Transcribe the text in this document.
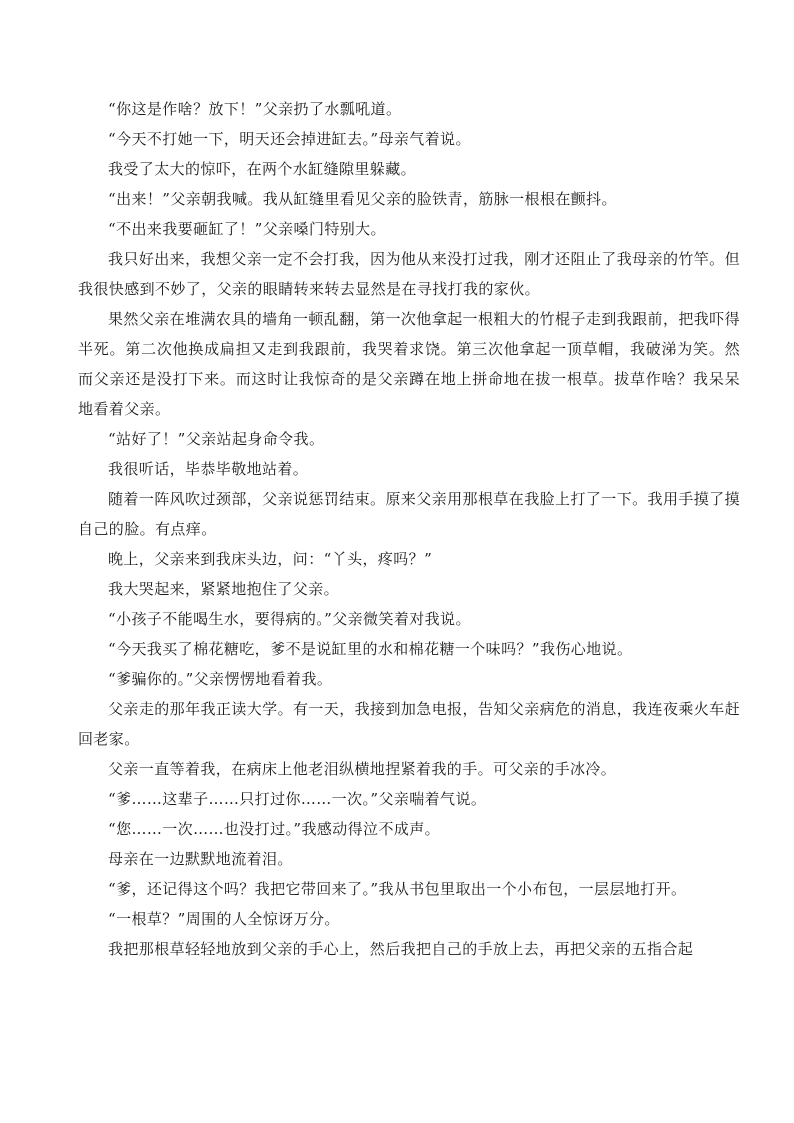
“你这是作啥？放下！”父亲扔了水瓢吼道。

“今天不打她一下，明天还会掉进缸去。”母亲气着说。

我受了太大的惊吓，在两个水缸缝隙里躲藏。

“出来！”父亲朝我喊。我从缸缝里看见父亲的脸铁青，筋脉一根根在颤抖。

“不出来我要砸缸了！”父亲嗓门特别大。

我只好出来，我想父亲一定不会打我，因为他从来没打过我，刚才还阻止了我母亲的竹竿。但我很快感到不妙了，父亲的眼睛转来转去显然是在寻找打我的家伙。

果然父亲在堆满农具的墙角一顿乱翻，第一次他拿起一根粗大的竹棍子走到我跟前，把我吓得半死。第二次他换成扁担又走到我跟前，我哭着求饶。第三次他拿起一顶草帽，我破涕为笑。然而父亲还是没打下来。而这时让我惊奇的是父亲蹲在地上拼命地在拔一根草。拔草作啥？我呆呆地看着父亲。

“站好了！”父亲站起身命令我。

我很听话，毕恭毕敬地站着。

随着一阵风吹过颈部，父亲说惩罚结束。原来父亲用那根草在我脸上打了一下。我用手摸了摸自己的脸。有点痒。

晚上，父亲来到我床头边，问：“丫头，疼吗？”

我大哭起来，紧紧地抱住了父亲。

“小孩子不能喝生水，要得病的。”父亲微笑着对我说。

“今天我买了棉花糖吃，爹不是说缸里的水和棉花糖一个味吗？”我伤心地说。

“爹骗你的。”父亲愣愣地看着我。

父亲走的那年我正读大学。有一天，我接到加急电报，告知父亲病危的消息，我连夜乘火车赶回老家。

父亲一直等着我，在病床上他老泪纵横地捏紧着我的手。可父亲的手冰冷。

“爹……这辈子……只打过你……一次。”父亲喘着气说。

“您……一次……也没打过。”我感动得泣不成声。

母亲在一边默默地流着泪。

“爹，还记得这个吗？我把它带回来了。”我从书包里取出一个小布包，一层层地打开。

“一根草？”周围的人全惊讶万分。

我把那根草轻轻地放到父亲的手心上，然后我把自己的手放上去，再把父亲的五指合起
